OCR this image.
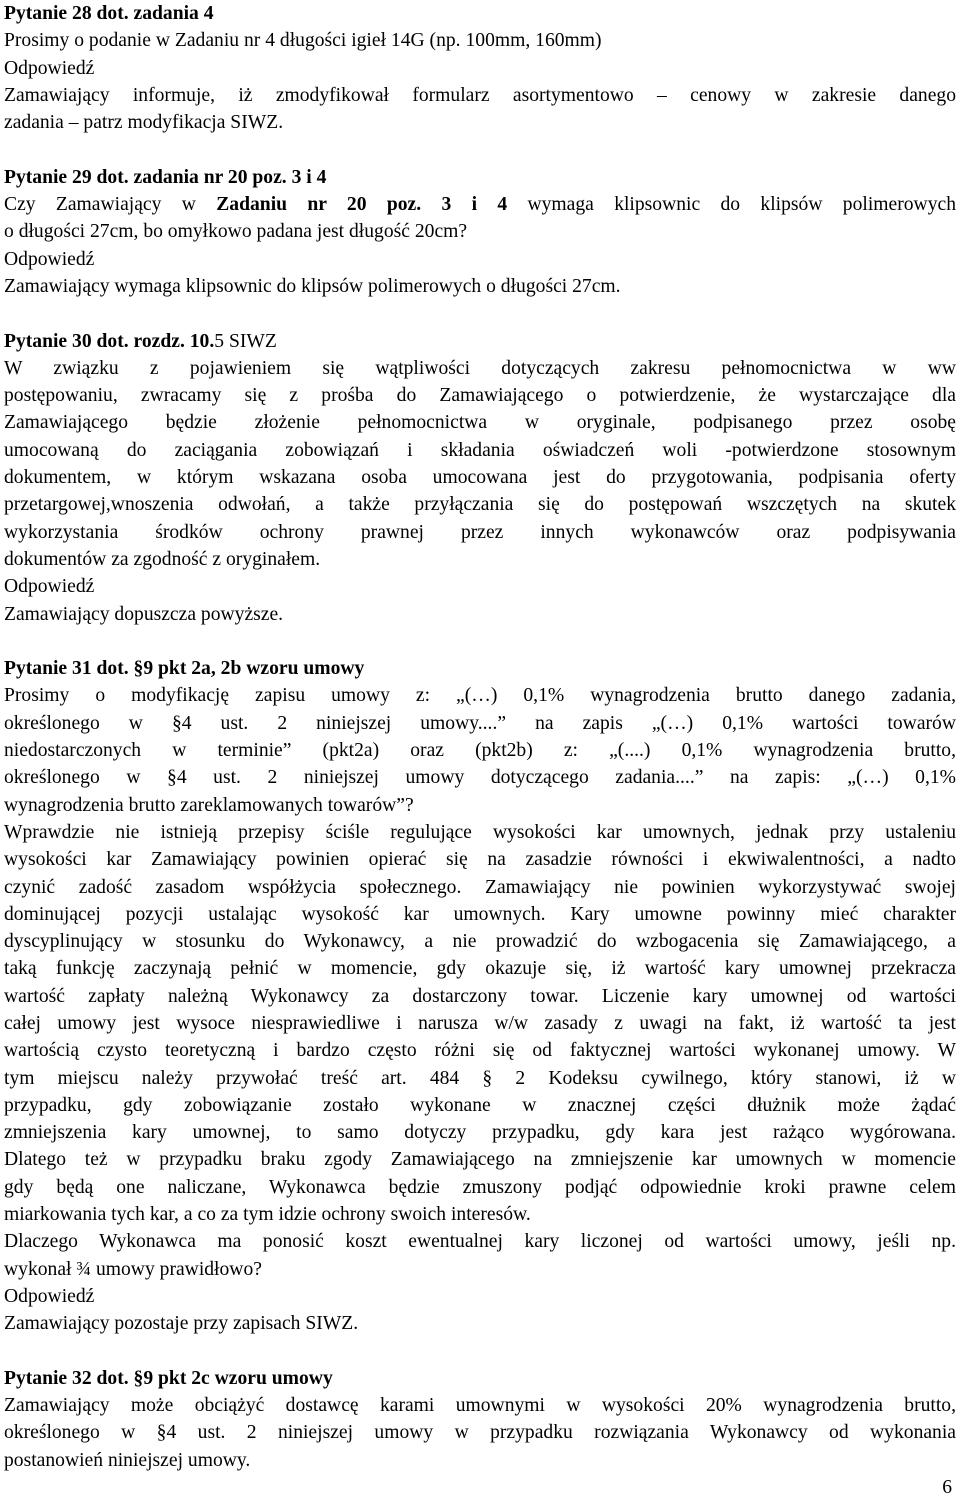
Pytanie 28 dot. zadania 4

Prosimy o podanie w Zadaniu nr 4 długości igieł 14G (np. 100mm, 160mm)

Odpowiedź

Zamawiający informuje, iż zmodyfikował formularz asortymentowo – cenowy w zakresie danego

zadania – patrz modyfikacja SIWZ.

Pytanie 29 dot. zadania nr 20 poz. 3 i 4

Czy Zamawiający w Zadaniu nr 20 poz. 3 i 4 wymaga klipsownic do klipsów polimerowych

o długości 27cm, bo omyłkowo padana jest długość 20cm?

Odpowiedź

Zamawiający wymaga klipsownic do klipsów polimerowych o długości 27cm.

Pytanie 30 dot. rozdz. 10.5 SIWZ

W związku z pojawieniem się wątpliwości dotyczących zakresu pełnomocnictwa w ww

postępowaniu, zwracamy się z prośba do Zamawiającego o potwierdzenie, że wystarczające dla

Zamawiającego będzie złożenie pełnomocnictwa w oryginale, podpisanego przez osobę

umocowaną do zaciągania zobowiązań i składania oświadczeń woli -potwierdzone stosownym

dokumentem, w którym wskazana osoba umocowana jest do przygotowania, podpisania oferty

przetargowej,wnoszenia odwołań, a także przyłączania się do postępowań wszczętych na skutek

wykorzystania środków ochrony prawnej przez innych wykonawców oraz podpisywania

dokumentów za zgodność z oryginałem.

Odpowiedź

Zamawiający dopuszcza powyższe.

Pytanie 31 dot. §9 pkt 2a, 2b wzoru umowy

Prosimy o modyfikację zapisu umowy z: „(…) 0,1% wynagrodzenia brutto danego zadania,

określonego w §4 ust. 2 niniejszej umowy....” na zapis „(…) 0,1% wartości towarów

niedostarczonych w terminie” (pkt2a) oraz (pkt2b) z: „(....) 0,1% wynagrodzenia brutto,

określonego w §4 ust. 2 niniejszej umowy dotyczącego zadania....” na zapis: „(…) 0,1%

wynagrodzenia brutto zareklamowanych towarów”?

Wprawdzie nie istnieją przepisy ściśle regulujące wysokości kar umownych, jednak przy ustaleniu

wysokości kar Zamawiający powinien opierać się na zasadzie równości i ekwiwalentności, a nadto

czynić zadość zasadom współżycia społecznego. Zamawiający nie powinien wykorzystywać swojej

dominującej pozycji ustalając wysokość kar umownych. Kary umowne powinny mieć charakter

dyscyplinujący w stosunku do Wykonawcy, a nie prowadzić do wzbogacenia się Zamawiającego, a

taką funkcję zaczynają pełnić w momencie, gdy okazuje się, iż wartość kary umownej przekracza

wartość zapłaty należną Wykonawcy za dostarczony towar. Liczenie kary umownej od wartości

całej umowy jest wysoce niesprawiedliwe i narusza w/w zasady z uwagi na fakt, iż wartość ta jest

wartością czysto teoretyczną i bardzo często różni się od faktycznej wartości wykonanej umowy. W

tym miejscu należy przywołać treść art. 484 § 2 Kodeksu cywilnego, który stanowi, iż w

przypadku, gdy zobowiązanie zostało wykonane w znacznej części dłużnik może żądać

zmniejszenia kary umownej, to samo dotyczy przypadku, gdy kara jest rażąco wygórowana.

Dlatego też w przypadku braku zgody Zamawiającego na zmniejszenie kar umownych w momencie

gdy będą one naliczane, Wykonawca będzie zmuszony podjąć odpowiednie kroki prawne celem

miarkowania tych kar, a co za tym idzie ochrony swoich interesów.

Dlaczego Wykonawca ma ponosić koszt ewentualnej kary liczonej od wartości umowy, jeśli np.

wykonał ¾ umowy prawidłowo?

Odpowiedź

Zamawiający pozostaje przy zapisach SIWZ.

Pytanie 32 dot. §9 pkt 2c wzoru umowy

Zamawiający może obciążyć dostawcę karami umownymi w wysokości 20% wynagrodzenia brutto,

określonego w §4 ust. 2 niniejszej umowy w przypadku rozwiązania Wykonawcy od wykonania

postanowień niniejszej umowy.

6
